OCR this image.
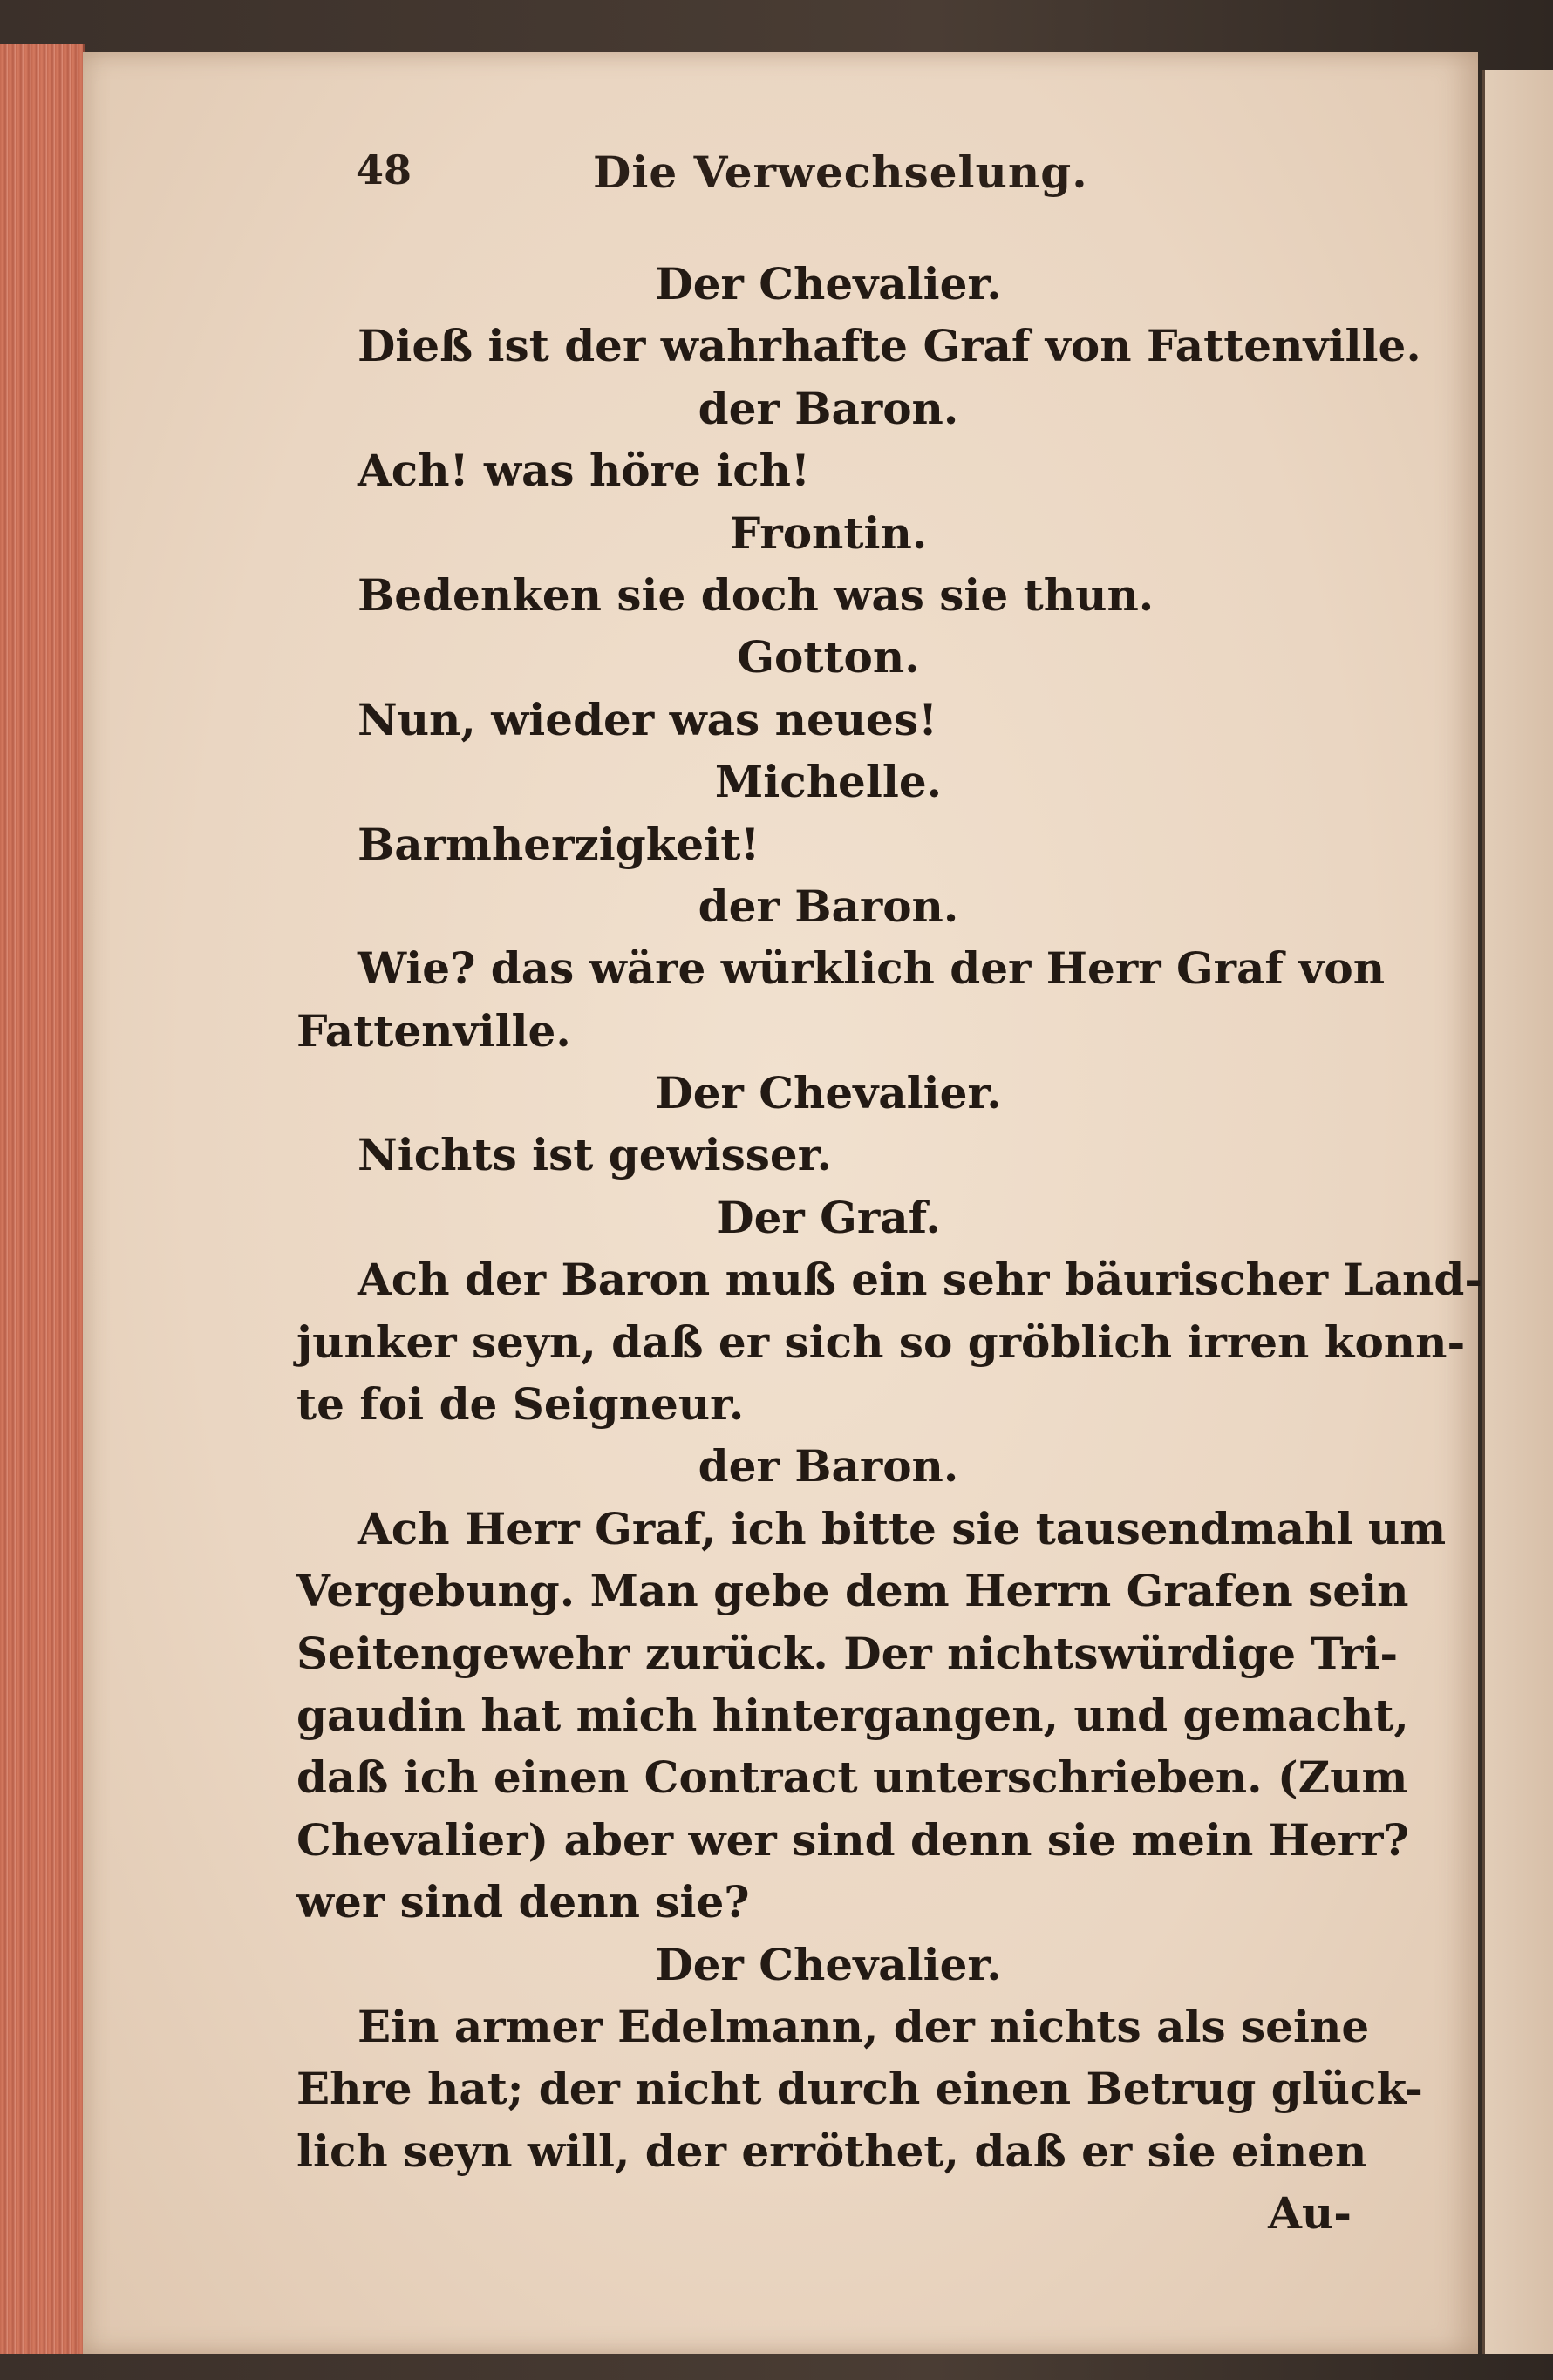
48	Die Verwechselung.
Der Chevalier.
Dieß ist der wahrhafte Graf von Fattenville.
der Baron.
Ach! was höre ich!
Frontin.
Bedenken sie doch was sie thun.
Gotton.
Nun, wieder was neues!
Michelle.
Barmherzigkeit!
der Baron.
Wie? das wäre würklich der Herr Graf von
Fattenville.
Der Chevalier.
Nichts ist gewisser.
Der Graf.
Ach der Baron muß ein sehr bäurischer Land-
junker seyn, daß er sich so gröblich irren konn-
te foi de Seigneur.
der Baron.
Ach Herr Graf, ich bitte sie tausendmahl um
Vergebung. Man gebe dem Herrn Grafen sein
Seitengewehr zurück. Der nichtswürdige Tri-
gaudin hat mich hintergangen, und gemacht,
daß ich einen Contract unterschrieben. (Zum
Chevalier) aber wer sind denn sie mein Herr?
wer sind denn sie?
Der Chevalier.
Ein armer Edelmann, der nichts als seine
Ehre hat; der nicht durch einen Betrug glück-
lich seyn will, der erröthet, daß er sie einen
Au-
